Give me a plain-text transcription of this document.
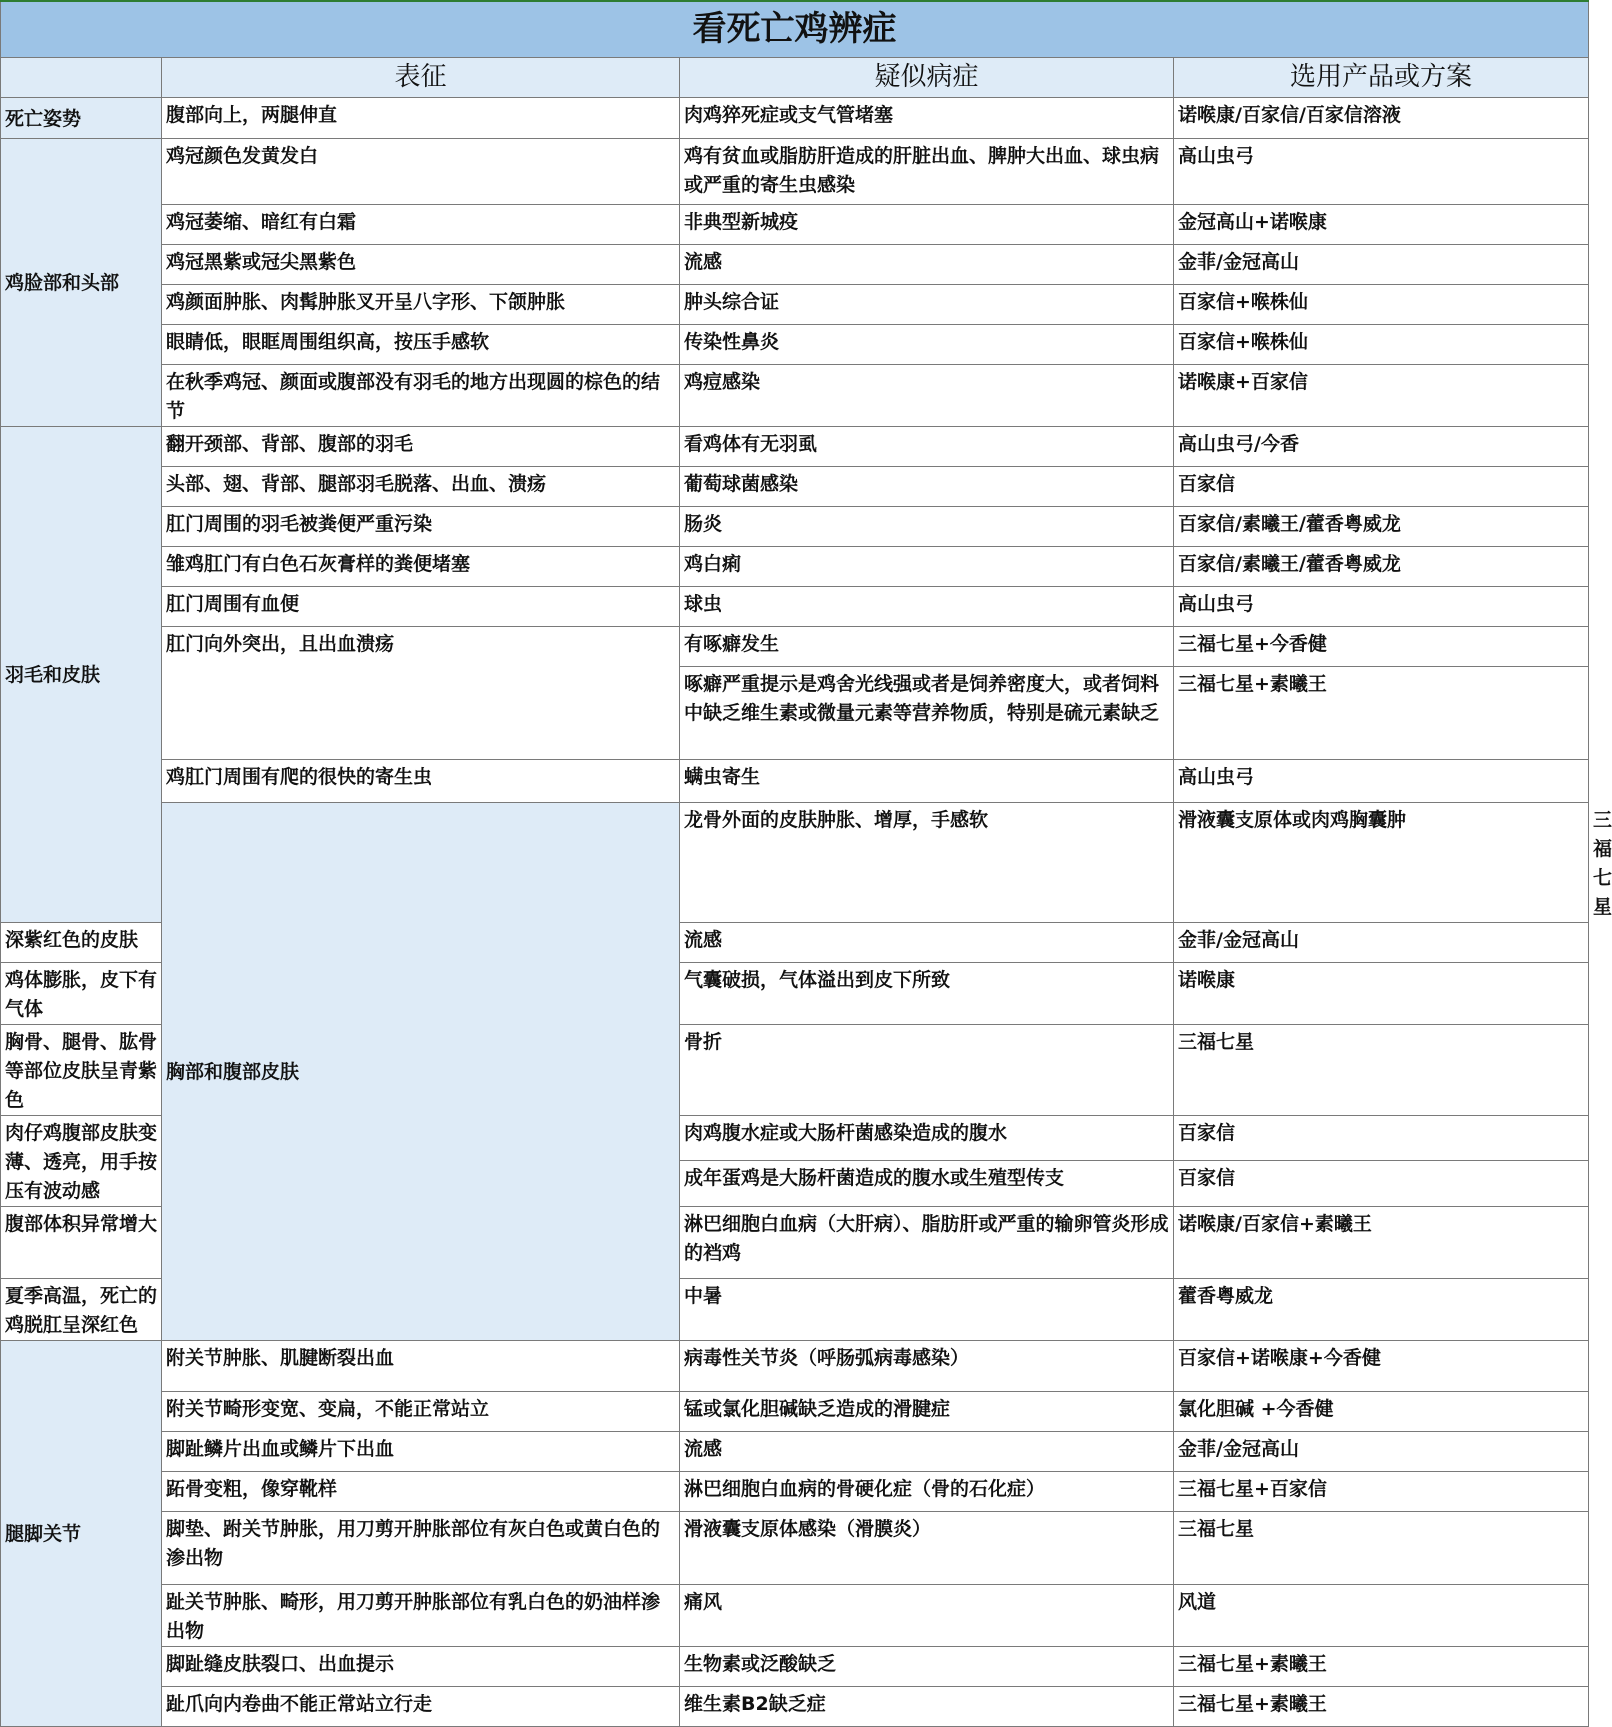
看死亡鸡辨症				
	表征	疑似病症	选用产品或方案	
死亡姿势	腹部向上，两腿伸直	肉鸡猝死症或支气管堵塞	诺喉康/百家信/百家信溶液	
鸡脸部和头部	鸡冠颜色发黄发白	鸡有贫血或脂肪肝造成的肝脏出血、脾肿大出血、球虫病或严重的寄生虫感染	高山虫弓	
	鸡冠萎缩、暗红有白霜	非典型新城疫	金冠高山+诺喉康	
	鸡冠黑紫或冠尖黑紫色	流感	金菲/金冠高山	
	鸡颜面肿胀、肉髯肿胀叉开呈八字形、下颌肿胀	肿头综合证	百家信+喉株仙	
	眼睛低，眼眶周围组织高，按压手感软	传染性鼻炎	百家信+喉株仙	
	在秋季鸡冠、颜面或腹部没有羽毛的地方出现圆的棕色的结节	鸡痘感染	诺喉康+百家信	
羽毛和皮肤	翻开颈部、背部、腹部的羽毛	看鸡体有无羽虱	高山虫弓/今香	
	头部、翅、背部、腿部羽毛脱落、出血、溃疡	葡萄球菌感染	百家信	
	肛门周围的羽毛被粪便严重污染	肠炎	百家信/素曦王/藿香粤威龙	
	雏鸡肛门有白色石灰膏样的粪便堵塞	鸡白痢	百家信/素曦王/藿香粤威龙	
	肛门周围有血便	球虫	高山虫弓	
	肛门向外突出，且出血溃疡	有啄癖发生	三福七星+今香健	
		啄癖严重提示是鸡舍光线强或者是饲养密度大，或者饲料中缺乏维生素或微量元素等营养物质，特别是硫元素缺乏	三福七星+素曦王	
	鸡肛门周围有爬的很快的寄生虫	螨虫寄生	高山虫弓	
	胸部和腹部皮肤	龙骨外面的皮肤肿胀、增厚，手感软	滑液囊支原体或肉鸡胸囊肿	三福七星
深紫红色的皮肤		流感	金菲/金冠高山	
鸡体膨胀，皮下有气体		气囊破损，气体溢出到皮下所致	诺喉康	
胸骨、腿骨、肱骨等部位皮肤呈青紫色		骨折	三福七星	
肉仔鸡腹部皮肤变薄、透亮，用手按压有波动感		肉鸡腹水症或大肠杆菌感染造成的腹水	百家信	
		成年蛋鸡是大肠杆菌造成的腹水或生殖型传支	百家信	
腹部体积异常增大		淋巴细胞白血病（大肝病）、脂肪肝或严重的输卵管炎形成的裆鸡	诺喉康/百家信+素曦王	
夏季高温，死亡的鸡脱肛呈深红色		中暑	藿香粤威龙	
腿脚关节	附关节肿胀、肌腱断裂出血	病毒性关节炎（呼肠弧病毒感染）	百家信+诺喉康+今香健	
	附关节畸形变宽、变扁，不能正常站立	锰或氯化胆碱缺乏造成的滑腱症	氯化胆碱 +今香健	
	脚趾鳞片出血或鳞片下出血	流感	金菲/金冠高山	
	跖骨变粗，像穿靴样	淋巴细胞白血病的骨硬化症（骨的石化症）	三福七星+百家信	
	脚垫、跗关节肿胀，用刀剪开肿胀部位有灰白色或黄白色的渗出物	滑液囊支原体感染（滑膜炎）	三福七星	
	趾关节肿胀、畸形，用刀剪开肿胀部位有乳白色的奶油样渗出物	痛风	风道	
	脚趾缝皮肤裂口、出血提示	生物素或泛酸缺乏	三福七星+素曦王	
	趾爪向内卷曲不能正常站立行走	维生素B2缺乏症	三福七星+素曦王	
